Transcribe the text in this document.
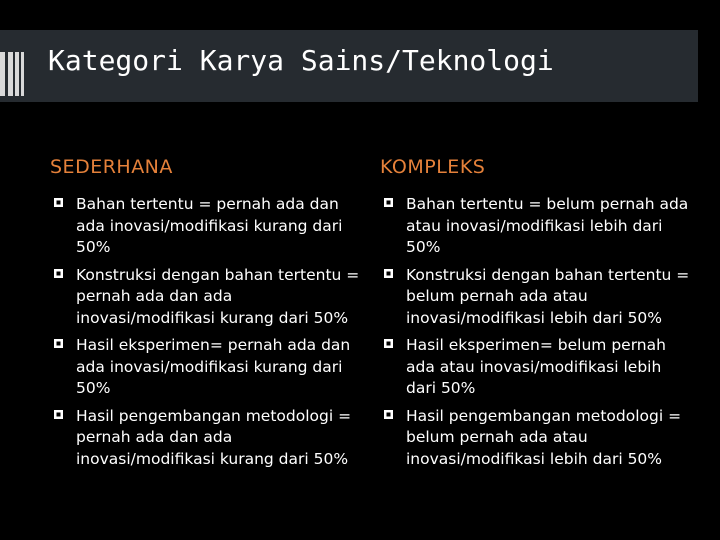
Kategori Karya Sains/Teknologi
SEDERHANA
Bahan tertentu = pernah ada dan ada inovasi/modifikasi kurang dari 50%
Konstruksi dengan bahan tertentu = pernah ada dan ada inovasi/modifikasi kurang dari 50%
Hasil eksperimen= pernah ada dan ada inovasi/modifikasi kurang dari 50%
Hasil pengembangan metodologi = pernah ada dan ada inovasi/modifikasi kurang dari 50%
KOMPLEKS
Bahan tertentu = belum pernah ada atau inovasi/modifikasi lebih dari 50%
Konstruksi dengan bahan tertentu = belum pernah ada atau inovasi/modifikasi lebih dari 50%
Hasil eksperimen= belum pernah ada atau inovasi/modifikasi lebih dari 50%
Hasil pengembangan metodologi = belum pernah ada atau inovasi/modifikasi lebih dari 50%
